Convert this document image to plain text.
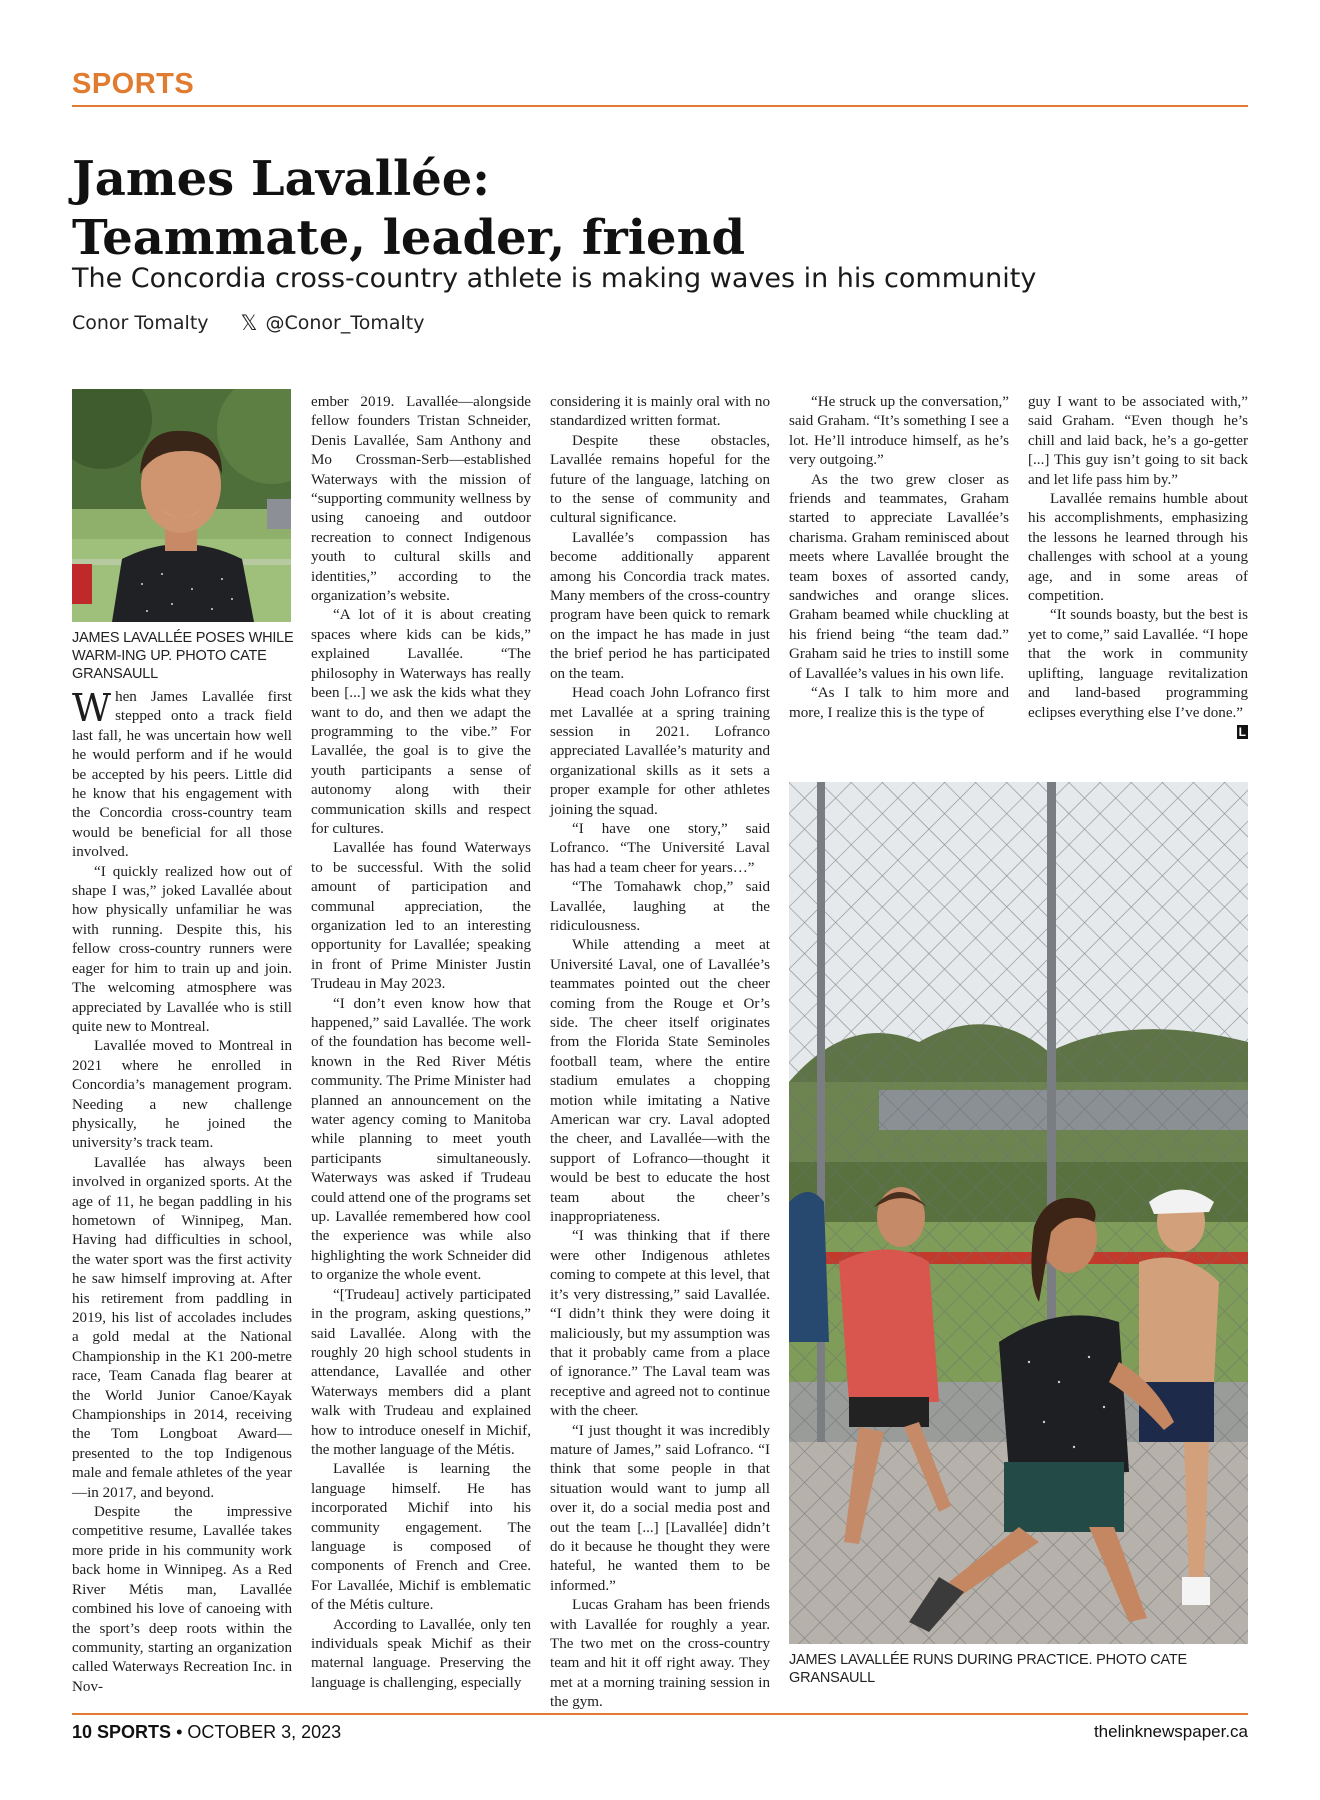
SPORTS
James Lavallée:
Teammate, leader, friend
The Concordia cross-country athlete is making waves in his community
Conor Tomalty 𝕏 @Conor_Tomalty
JAMES LAVALLÉE POSES WHILE WARM-ING UP. PHOTO CATE GRANSAULL

When James Lavallée first stepped onto a track field last fall, he was uncertain how well he would perform and if he would be accepted by his peers. Little did he know that his engagement with the Concordia cross-country team would be beneficial for all those involved.

“I quickly realized how out of shape I was,” joked Lavallée about how physically unfamiliar he was with running. Despite this, his fellow cross-country runners were eager for him to train up and join. The welcoming atmosphere was appreciated by Lavallée who is still quite new to Montreal.

Lavallée moved to Montreal in 2021 where he enrolled in Concordia’s management program. Needing a new challenge physically, he joined the university’s track team.

Lavallée has always been involved in organized sports. At the age of 11, he began paddling in his hometown of Winnipeg, Man. Having had difficulties in school, the water sport was the first activity he saw himself improving at. After his retirement from paddling in 2019, his list of accolades includes a gold medal at the National Championship in the K1 200-metre race, Team Canada flag bearer at the World Junior Canoe/Kayak Championships in 2014, receiving the Tom Longboat Award—presented to the top Indigenous male and female athletes of the year—in 2017, and beyond.

Despite the impressive competitive resume, Lavallée takes more pride in his community work back home in Winnipeg. As a Red River Métis man, Lavallée combined his love of canoeing with the sport’s deep roots within the community, starting an organization called Waterways Recreation Inc. in Nov-

ember 2019. Lavallée—alongside fellow founders Tristan Schneider, Denis Lavallée, Sam Anthony and Mo Crossman-Serb—established Waterways with the mission of “supporting community wellness by using canoeing and outdoor recreation to connect Indigenous youth to cultural skills and identities,” according to the organization’s website.

“A lot of it is about creating spaces where kids can be kids,” explained Lavallée. “The philosophy in Waterways has really been [...] we ask the kids what they want to do, and then we adapt the programming to the vibe.” For Lavallée, the goal is to give the youth participants a sense of autonomy along with their communication skills and respect for cultures.

Lavallée has found Waterways to be successful. With the solid amount of participation and communal appreciation, the organization led to an interesting opportunity for Lavallée; speaking in front of Prime Minister Justin Trudeau in May 2023.

“I don’t even know how that happened,” said Lavallée. The work of the foundation has become well-known in the Red River Métis community. The Prime Minister had planned an announcement on the water agency coming to Manitoba while planning to meet youth participants simultaneously. Waterways was asked if Trudeau could attend one of the programs set up. Lavallée remembered how cool the experience was while also highlighting the work Schneider did to organize the whole event.

“[Trudeau] actively participated in the program, asking questions,” said Lavallée. Along with the roughly 20 high school students in attendance, Lavallée and other Waterways members did a plant walk with Trudeau and explained how to introduce oneself in Michif, the mother language of the Métis.

Lavallée is learning the language himself. He has incorporated Michif into his community engagement. The language is composed of components of French and Cree. For Lavallée, Michif is emblematic of the Métis culture.

According to Lavallée, only ten individuals speak Michif as their maternal language. Preserving the language is challenging, especially

considering it is mainly oral with no standardized written format.

Despite these obstacles, Lavallée remains hopeful for the future of the language, latching on to the sense of community and cultural significance.

Lavallée’s compassion has become additionally apparent among his Concordia track mates. Many members of the cross-country program have been quick to remark on the impact he has made in just the brief period he has participated on the team.

Head coach John Lofranco first met Lavallée at a spring training session in 2021. Lofranco appreciated Lavallée’s maturity and organizational skills as it sets a proper example for other athletes joining the squad.

“I have one story,” said Lofranco. “The Université Laval has had a team cheer for years…”

“The Tomahawk chop,” said Lavallée, laughing at the ridiculousness.

While attending a meet at Université Laval, one of Lavallée’s teammates pointed out the cheer coming from the Rouge et Or’s side. The cheer itself originates from the Florida State Seminoles football team, where the entire stadium emulates a chopping motion while imitating a Native American war cry. Laval adopted the cheer, and Lavallée—with the support of Lofranco—thought it would be best to educate the host team about the cheer’s inappropriateness.

“I was thinking that if there were other Indigenous athletes coming to compete at this level, that it’s very distressing,” said Lavallée. “I didn’t think they were doing it maliciously, but my assumption was that it probably came from a place of ignorance.” The Laval team was receptive and agreed not to continue with the cheer.

“I just thought it was incredibly mature of James,” said Lofranco. “I think that some people in that situation would want to jump all over it, do a social media post and out the team [...] [Lavallée] didn’t do it because he thought they were hateful, he wanted them to be informed.”

Lucas Graham has been friends with Lavallée for roughly a year. The two met on the cross-country team and hit it off right away. They met at a morning training session in the gym.

“He struck up the conversation,” said Graham. “It’s something I see a lot. He’ll introduce himself, as he’s very outgoing.”

As the two grew closer as friends and teammates, Graham started to appreciate Lavallée’s charisma. Graham reminisced about meets where Lavallée brought the team boxes of assorted candy, sandwiches and orange slices. Graham beamed while chuckling at his friend being “the team dad.” Graham said he tries to instill some of Lavallée’s values in his own life.

“As I talk to him more and more, I realize this is the type of

guy I want to be associated with,” said Graham. “Even though he’s chill and laid back, he’s a go-getter [...] This guy isn’t going to sit back and let life pass him by.”

Lavallée remains humble about his accomplishments, emphasizing the lessons he learned through his challenges with school at a young age, and in some areas of competition.

“It sounds boasty, but the best is yet to come,” said Lavallée. “I hope that the work in community uplifting, language revitalization and land-based programming eclipses everything else I’ve done.”

L

JAMES LAVALLÉE RUNS DURING PRACTICE. PHOTO CATE GRANSAULL
10 SPORTS • OCTOBER 3, 2023	thelinknewspaper.ca
